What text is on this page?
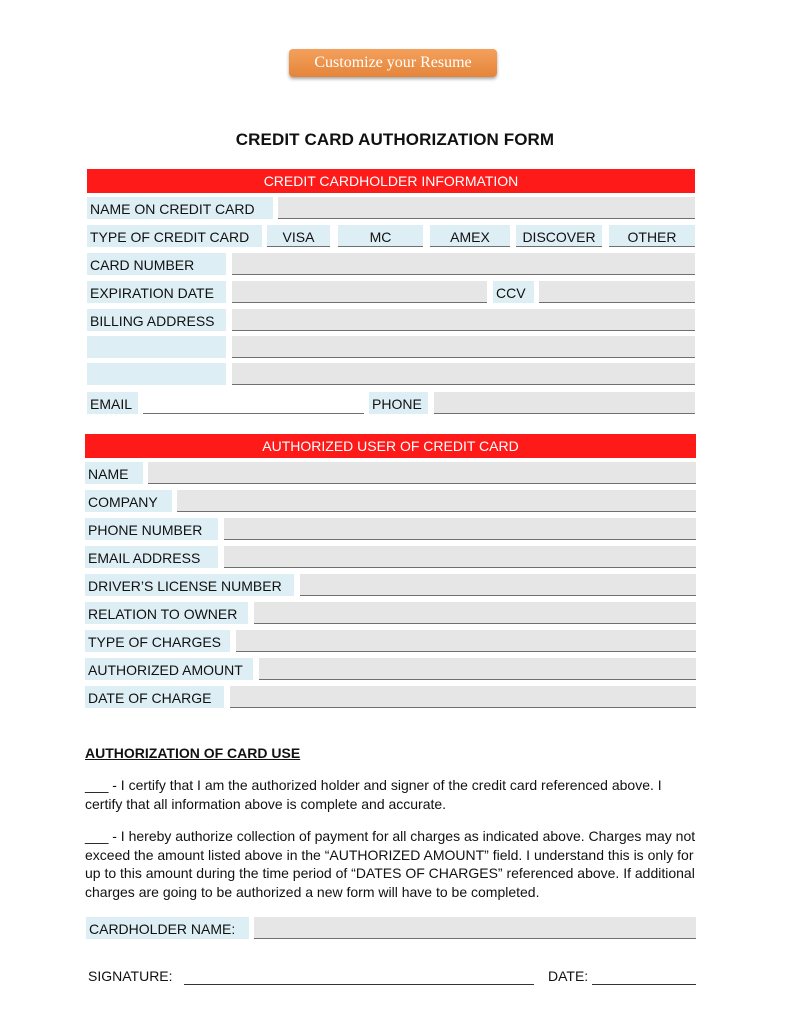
Customize your Resume
CREDIT CARD AUTHORIZATION FORM
CREDIT CARDHOLDER INFORMATION
NAME ON CREDIT CARD
TYPE OF CREDIT CARD	VISA	MC	AMEX	DISCOVER	OTHER
CARD NUMBER
EXPIRATION DATE	CCV
BILLING ADDRESS
EMAIL	PHONE
AUTHORIZED USER OF CREDIT CARD
NAME
COMPANY
PHONE NUMBER
EMAIL ADDRESS
DRIVER’S LICENSE NUMBER
RELATION TO OWNER
TYPE OF CHARGES
AUTHORIZED AMOUNT
DATE OF CHARGE
AUTHORIZATION OF CARD USE
___ - I certify that I am the authorized holder and signer of the credit card referenced above. I certify that all information above is complete and accurate.
___ - I hereby authorize collection of payment for all charges as indicated above. Charges may not exceed the amount listed above in the “AUTHORIZED AMOUNT” field. I understand this is only for up to this amount during the time period of “DATES OF CHARGES” referenced above. If additional charges are going to be authorized a new form will have to be completed.
CARDHOLDER NAME:
SIGNATURE:	DATE:
